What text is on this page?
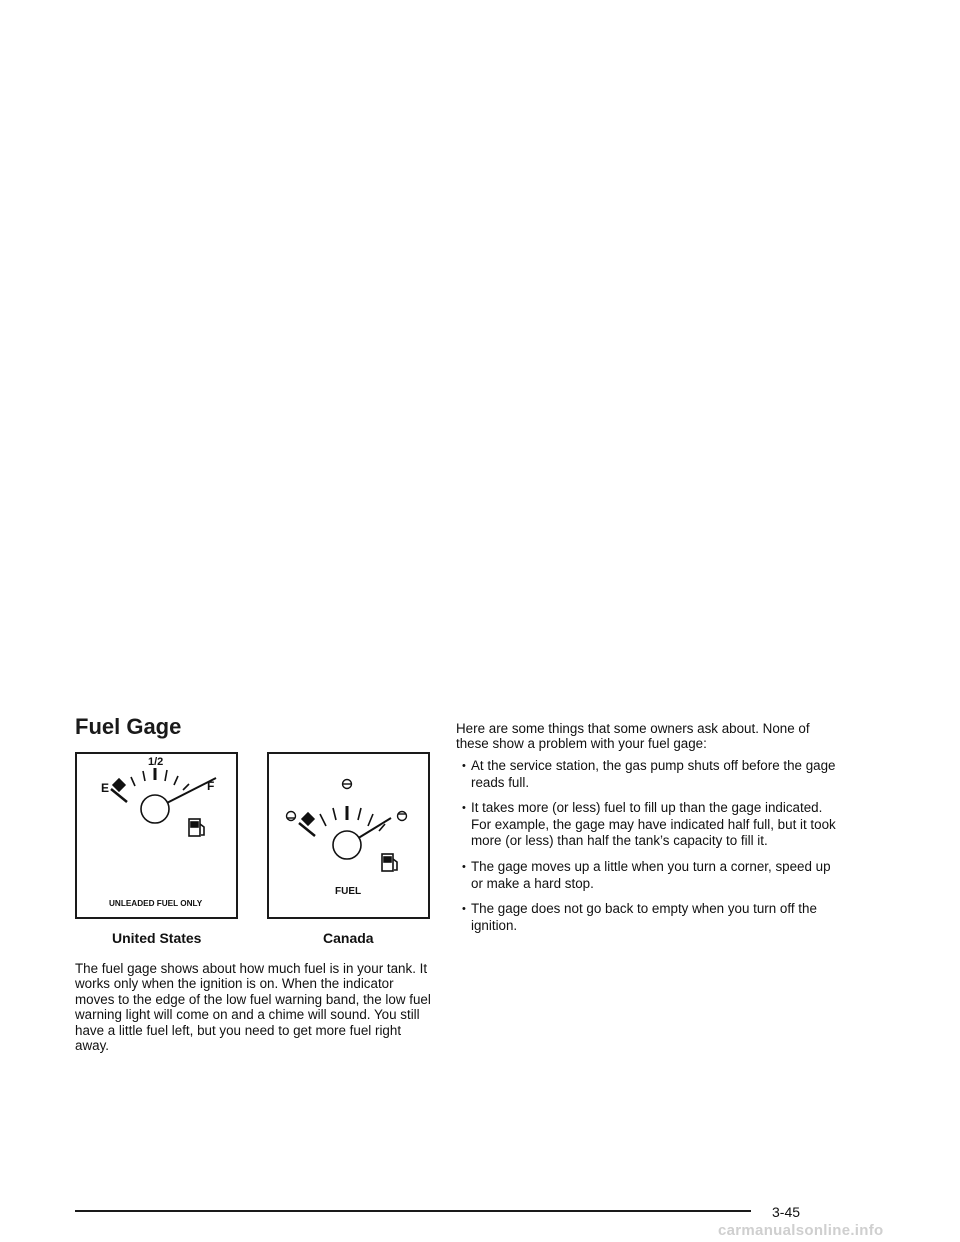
Fuel Gage
E
1/2
F
UNLEADED FUEL ONLY
FUEL
United States	Canada

The fuel gage shows about how much fuel is in your tank. It works only when the ignition is on. When the indicator moves to the edge of the low fuel warning band, the low fuel warning light will come on and a chime will sound. You still have a little fuel left, but you need to get more fuel right away.

Here are some things that some owners ask about. None of these show a problem with your fuel gage:

• At the service station, the gas pump shuts off before the gage reads full.
• It takes more (or less) fuel to fill up than the gage indicated. For example, the gage may have indicated half full, but it took more (or less) than half the tank’s capacity to fill it.
• The gage moves up a little when you turn a corner, speed up or make a hard stop.
• The gage does not go back to empty when you turn off the ignition.
3-45
carmanualsonline.info
